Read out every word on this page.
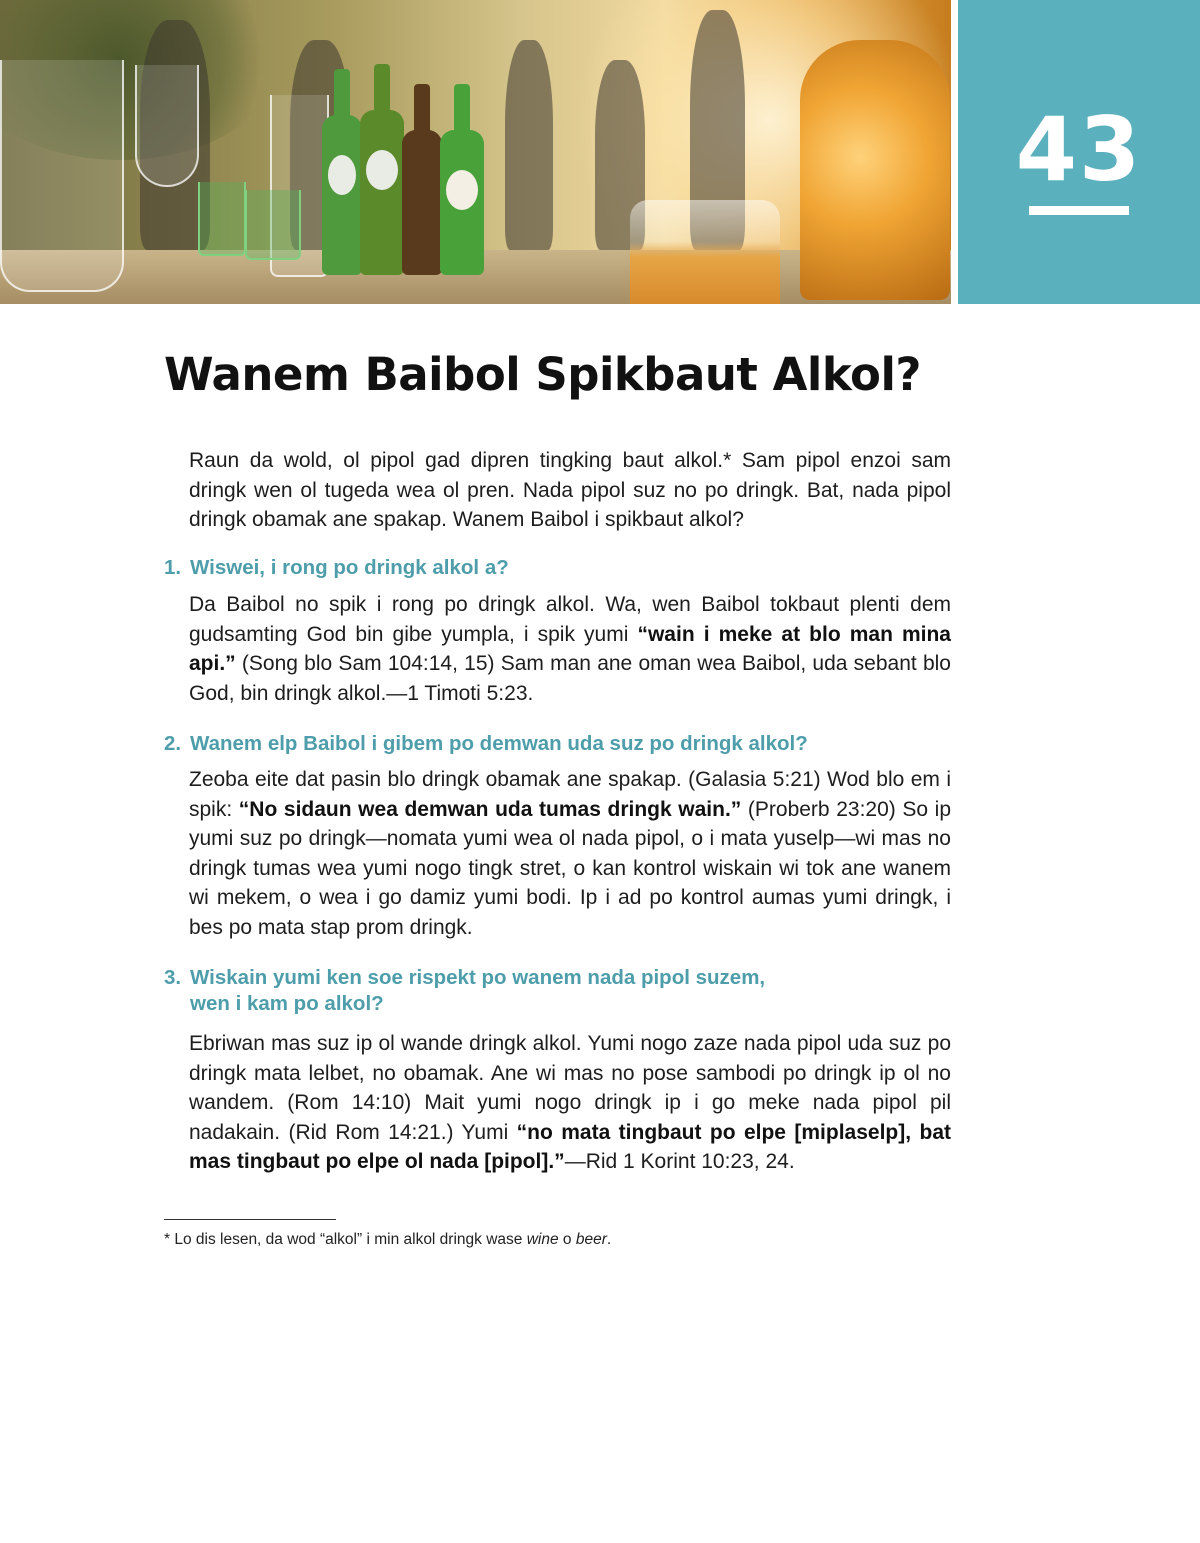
43
Wanem Baibol Spikbaut Alkol?

Raun da wold, ol pipol gad dipren tingking baut alkol.* Sam pipol enzoi sam dringk wen ol tugeda wea ol pren. Nada pipol suz no po dringk. Bat, nada pipol dringk obamak ane spakap. Wanem Baibol i spikbaut alkol?

1. Wiswei, i rong po dringk alkol a?

Da Baibol no spik i rong po dringk alkol. Wa, wen Baibol tokbaut plenti dem gudsamting God bin gibe yumpla, i spik yumi “wain i meke at blo man mina api.” (Song blo Sam 104:14, 15) Sam man ane oman wea Baibol, uda sebant blo God, bin dringk alkol.—1 Timoti 5:23.

2. Wanem elp Baibol i gibem po demwan uda suz po dringk alkol?

Zeoba eite dat pasin blo dringk obamak ane spakap. (Galasia 5:21) Wod blo em i spik: “No sidaun wea demwan uda tumas dringk wain.” (Proberb 23:20) So ip yumi suz po dringk—nomata yumi wea ol nada pipol, o i mata yuselp—wi mas no dringk tumas wea yumi nogo tingk stret, o kan kontrol wiskain wi tok ane wanem wi mekem, o wea i go damiz yumi bodi. Ip i ad po kontrol aumas yumi dringk, i bes po mata stap prom dringk.

3. Wiskain yumi ken soe rispekt po wanem nada pipol suzem,
wen i kam po alkol?

Ebriwan mas suz ip ol wande dringk alkol. Yumi nogo zaze nada pipol uda suz po dringk mata lelbet, no obamak. Ane wi mas no pose sambodi po dringk ip ol no wandem. (Rom 14:10) Mait yumi nogo dringk ip i go meke nada pipol pil nadakain. (Rid Rom 14:21.) Yumi “no mata tingbaut po elpe [miplaselp], bat mas tingbaut po elpe ol nada [pipol].”—Rid 1 Korint 10:23, 24.

* Lo dis lesen, da wod “alkol” i min alkol dringk wase wine o beer.
